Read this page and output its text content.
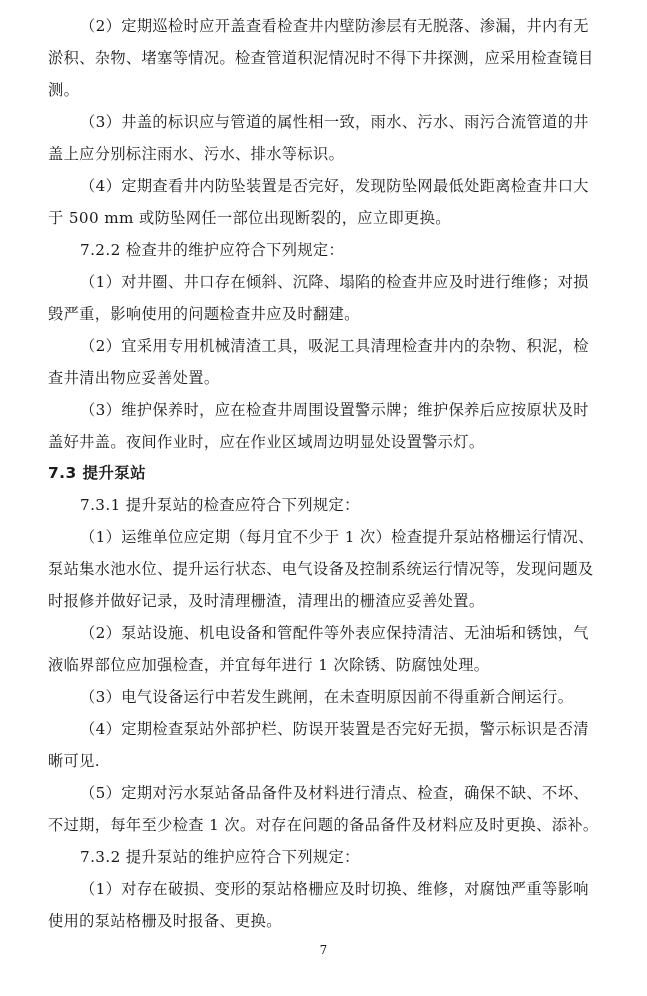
（2）定期巡检时应开盖查看检查井内壁防渗层有无脱落、渗漏，井内有无
淤积、杂物、堵塞等情况。检查管道积泥情况时不得下井探测，应采用检查镜目
测。
（3）井盖的标识应与管道的属性相一致，雨水、污水、雨污合流管道的井
盖上应分别标注雨水、污水、排水等标识。
（4）定期查看井内防坠装置是否完好，发现防坠网最低处距离检查井口大
于 500 mm 或防坠网任一部位出现断裂的，应立即更换。
7.2.2 检查井的维护应符合下列规定：
（1）对井圈、井口存在倾斜、沉降、塌陷的检查井应及时进行维修；对损
毁严重，影响使用的问题检查井应及时翻建。
（2）宜采用专用机械清渣工具，吸泥工具清理检查井内的杂物、积泥，检
查井清出物应妥善处置。
（3）维护保养时，应在检查井周围设置警示牌；维护保养后应按原状及时
盖好井盖。夜间作业时，应在作业区域周边明显处设置警示灯。
7.3 提升泵站
7.3.1 提升泵站的检查应符合下列规定：
（1）运维单位应定期（每月宜不少于 1 次）检查提升泵站格栅运行情况、
泵站集水池水位、提升运行状态、电气设备及控制系统运行情况等，发现问题及
时报修并做好记录，及时清理栅渣，清理出的栅渣应妥善处置。
（2）泵站设施、机电设备和管配件等外表应保持清洁、无油垢和锈蚀，气
液临界部位应加强检查，并宜每年进行 1 次除锈、防腐蚀处理。
（3）电气设备运行中若发生跳闸，在未查明原因前不得重新合闸运行。
（4）定期检查泵站外部护栏、防误开装置是否完好无损，警示标识是否清
晰可见.
（5）定期对污水泵站备品备件及材料进行清点、检查，确保不缺、不坏、
不过期，每年至少检查 1 次。对存在问题的备品备件及材料应及时更换、添补。
7.3.2 提升泵站的维护应符合下列规定：
（1）对存在破损、变形的泵站格栅应及时切换、维修，对腐蚀严重等影响
使用的泵站格栅及时报备、更换。
7
